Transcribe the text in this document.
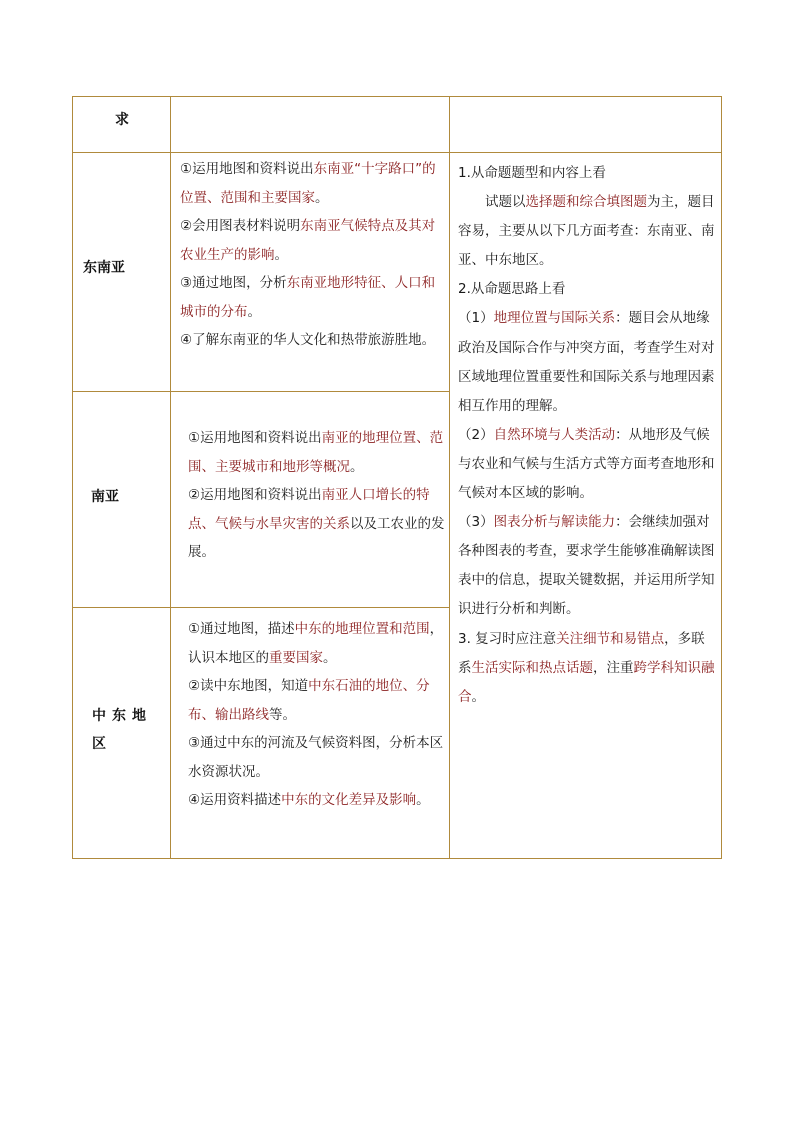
求
东南亚

①运用地图和资料说出东南亚“十字路口”的位置、范围和主要国家。

②会用图表材料说明东南亚气候特点及其对农业生产的影响。

③通过地图，分析东南亚地形特征、人口和城市的分布。

④了解东南亚的华人文化和热带旅游胜地。

南亚

①运用地图和资料说出南亚的地理位置、范围、主要城市和地形等概况。

②运用地图和资料说出南亚人口增长的特点、气候与水旱灾害的关系以及工农业的发展。

中东地区

①通过地图，描述中东的地理位置和范围，认识本地区的重要国家。

②读中东地图，知道中东石油的地位、分布、输出路线等。

③通过中东的河流及气候资料图，分析本区水资源状况。

④运用资料描述中东的文化差异及影响。

1.从命题题型和内容上看

试题以选择题和综合填图题为主，题目容易，主要从以下几方面考查：东南亚、南亚、中东地区。

2.从命题思路上看

（1）地理位置与国际关系：题目会从地缘政治及国际合作与冲突方面，考查学生对对区域地理位置重要性和国际关系与地理因素相互作用的理解。

（2）自然环境与人类活动：从地形及气候与农业和气候与生活方式等方面考查地形和气候对本区域的影响。

（3）图表分析与解读能力：会继续加强对各种图表的考查，要求学生能够准确解读图表中的信息，提取关键数据，并运用所学知识进行分析和判断。

3. 复习时应注意关注细节和易错点，多联系生活实际和热点话题，注重跨学科知识融合。
